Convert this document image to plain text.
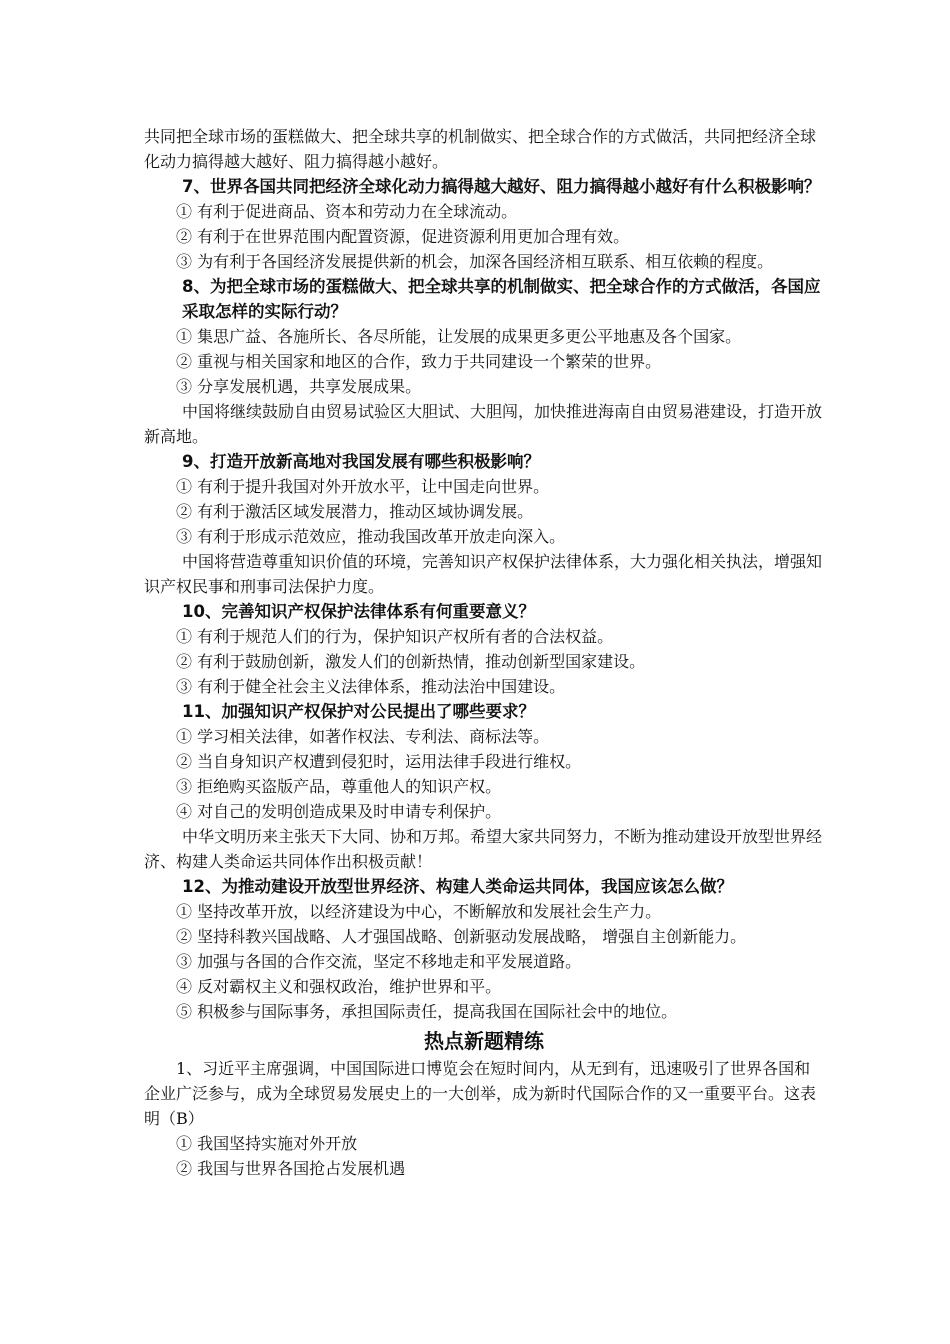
共同把全球市场的蛋糕做大、把全球共享的机制做实、把全球合作的方式做活，共同把经济全球化动力搞得越大越好、阻力搞得越小越好。
7、世界各国共同把经济全球化动力搞得越大越好、阻力搞得越小越好有什么积极影响？
① 有利于促进商品、资本和劳动力在全球流动。
② 有利于在世界范围内配置资源，促进资源利用更加合理有效。
③ 为有利于各国经济发展提供新的机会，加深各国经济相互联系、相互依赖的程度。
8、为把全球市场的蛋糕做大、把全球共享的机制做实、把全球合作的方式做活，各国应采取怎样的实际行动？
① 集思广益、各施所长、各尽所能，让发展的成果更多更公平地惠及各个国家。
② 重视与相关国家和地区的合作，致力于共同建设一个繁荣的世界。
③ 分享发展机遇，共享发展成果。
中国将继续鼓励自由贸易试验区大胆试、大胆闯，加快推进海南自由贸易港建设，打造开放新高地。
9、打造开放新高地对我国发展有哪些积极影响？
① 有利于提升我国对外开放水平，让中国走向世界。
② 有利于激活区域发展潜力，推动区域协调发展。
③ 有利于形成示范效应，推动我国改革开放走向深入。
中国将营造尊重知识价值的环境，完善知识产权保护法律体系，大力强化相关执法，增强知识产权民事和刑事司法保护力度。
10、完善知识产权保护法律体系有何重要意义？
① 有利于规范人们的行为，保护知识产权所有者的合法权益。
② 有利于鼓励创新，激发人们的创新热情，推动创新型国家建设。
③ 有利于健全社会主义法律体系，推动法治中国建设。
11、加强知识产权保护对公民提出了哪些要求？
① 学习相关法律，如著作权法、专利法、商标法等。
② 当自身知识产权遭到侵犯时，运用法律手段进行维权。
③ 拒绝购买盗版产品，尊重他人的知识产权。
④ 对自己的发明创造成果及时申请专利保护。
中华文明历来主张天下大同、协和万邦。希望大家共同努力，不断为推动建设开放型世界经济、构建人类命运共同体作出积极贡献！
12、为推动建设开放型世界经济、构建人类命运共同体，我国应该怎么做？
① 坚持改革开放，以经济建设为中心，不断解放和发展社会生产力。
② 坚持科教兴国战略、人才强国战略、创新驱动发展战略， 增强自主创新能力。
③ 加强与各国的合作交流，坚定不移地走和平发展道路。
④ 反对霸权主义和强权政治，维护世界和平。
⑤ 积极参与国际事务，承担国际责任，提高我国在国际社会中的地位。
热点新题精练
1、习近平主席强调，中国国际进口博览会在短时间内，从无到有，迅速吸引了世界各国和企业广泛参与，成为全球贸易发展史上的一大创举，成为新时代国际合作的又一重要平台。这表明（B）
① 我国坚持实施对外开放
② 我国与世界各国抢占发展机遇
